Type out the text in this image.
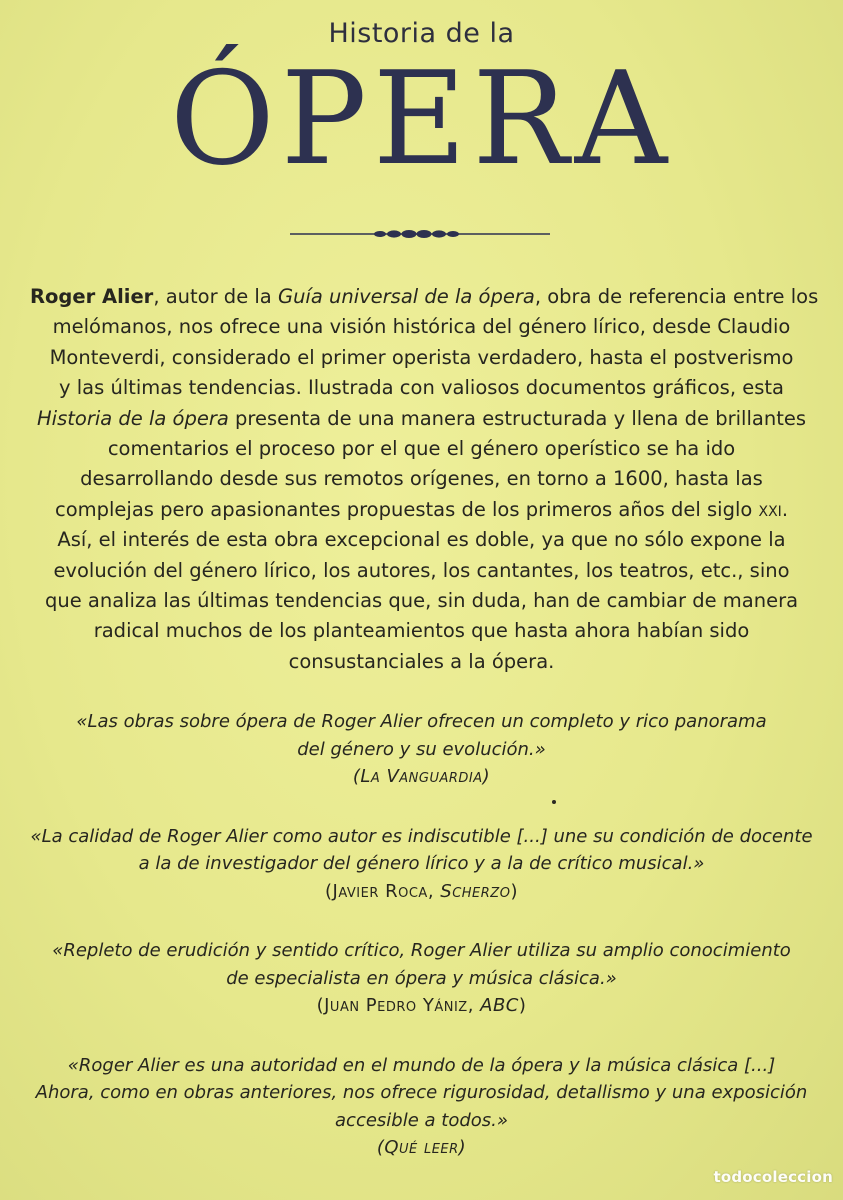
Historia de la
ÓPERA
Roger Alier, autor de la Guía universal de la ópera, obra de referencia entre los
melómanos, nos ofrece una visión histórica del género lírico, desde Claudio
Monteverdi, considerado el primer operista verdadero, hasta el postverismo
y las últimas tendencias. Ilustrada con valiosos documentos gráficos, esta
Historia de la ópera presenta de una manera estructurada y llena de brillantes
comentarios el proceso por el que el género operístico se ha ido
desarrollando desde sus remotos orígenes, en torno a 1600, hasta las
complejas pero apasionantes propuestas de los primeros años del siglo xxi.
Así, el interés de esta obra excepcional es doble, ya que no sólo expone la
evolución del género lírico, los autores, los cantantes, los teatros, etc., sino
que analiza las últimas tendencias que, sin duda, han de cambiar de manera
radical muchos de los planteamientos que hasta ahora habían sido
consustanciales a la ópera.
«Las obras sobre ópera de Roger Alier ofrecen un completo y rico panorama
del género y su evolución.»
(La Vanguardia)
«La calidad de Roger Alier como autor es indiscutible [...] une su condición de docente
a la de investigador del género lírico y a la de crítico musical.»
(Javier Roca, Scherzo)
«Repleto de erudición y sentido crítico, Roger Alier utiliza su amplio conocimiento
de especialista en ópera y música clásica.»
(Juan Pedro Yániz, ABC)
«Roger Alier es una autoridad en el mundo de la ópera y la música clásica [...]
Ahora, como en obras anteriores, nos ofrece rigurosidad, detallismo y una exposición
accesible a todos.»
(Qué leer)
todocoleccion
